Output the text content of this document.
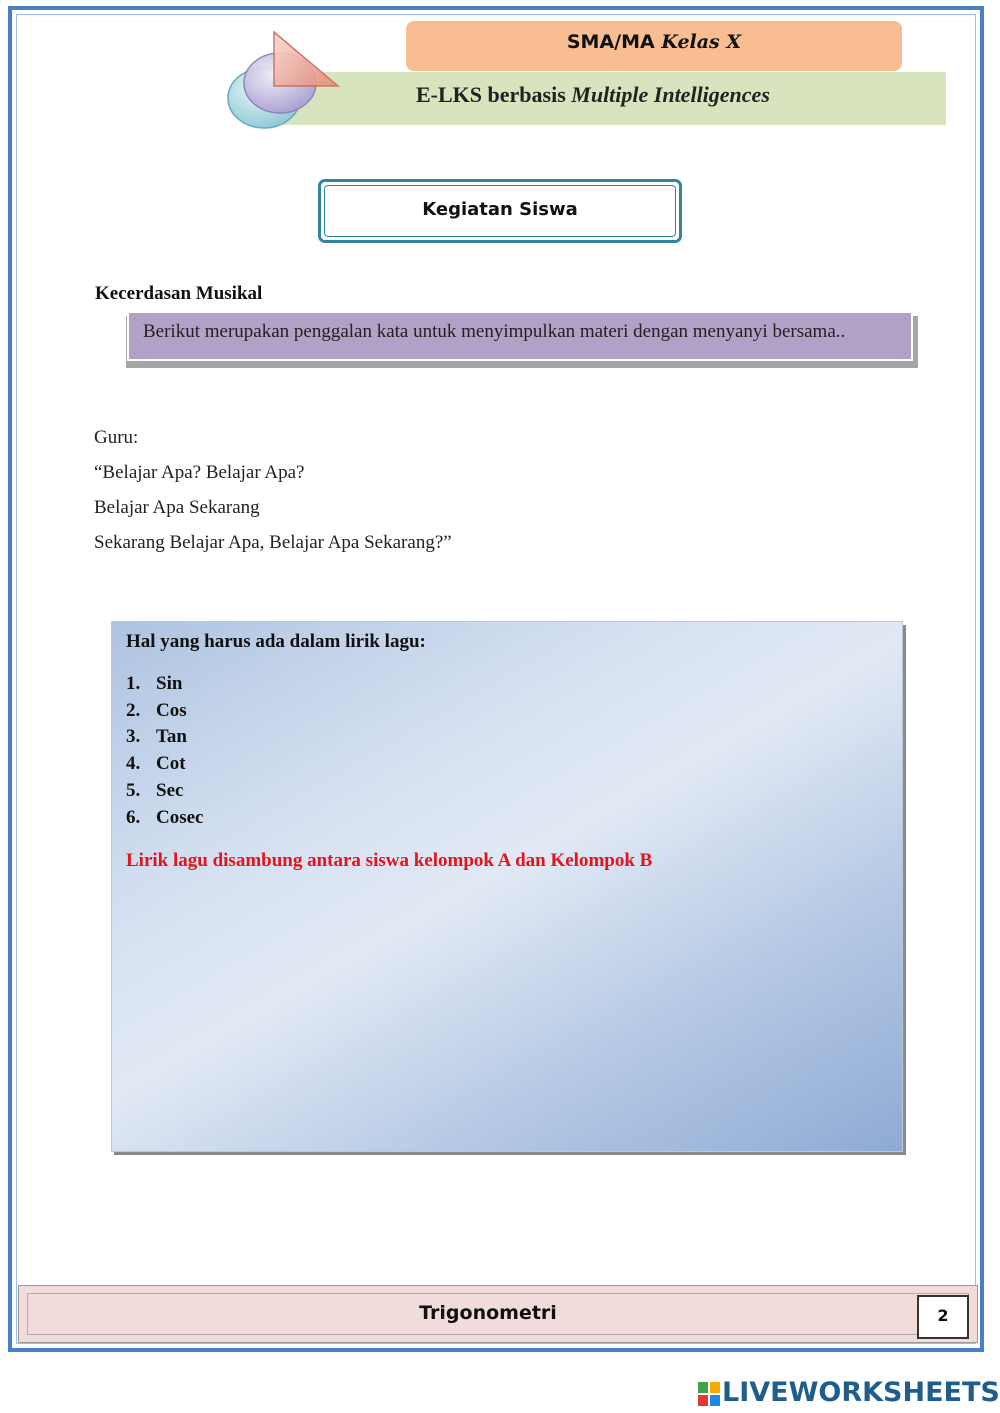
SMA/MA Kelas X
E-LKS berbasis Multiple Intelligences
Kegiatan Siswa
Kecerdasan Musikal
Berikut merupakan penggalan kata untuk menyimpulkan materi dengan menyanyi bersama..
Guru:
“Belajar Apa? Belajar Apa?
Belajar Apa Sekarang
Sekarang Belajar Apa, Belajar Apa Sekarang?”
Hal yang harus ada dalam lirik lagu:
1. Sin
2. Cos
3. Tan
4. Cot
5. Sec
6. Cosec
Lirik lagu disambung antara siswa kelompok A dan Kelompok B
Trigonometri	2
LIVEWORKSHEETS
